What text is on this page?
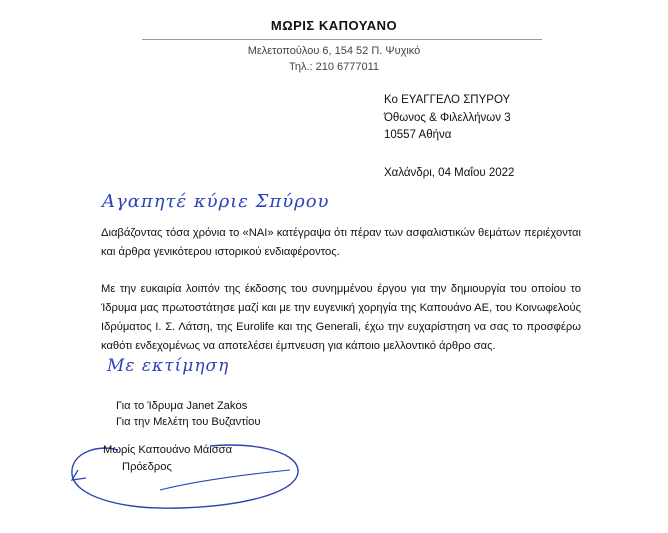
ΜΩΡΙΣ ΚΑΠΟΥΑΝΟ
Μελετοπούλου 6, 154 52 Π. Ψυχικό
Τηλ.: 210 6777011
Κο ΕΥΑΓΓΕΛΟ ΣΠΥΡΟΥ
Όθωνος & Φιλελλήνων 3
10557 Αθήνα
Χαλάνδρι, 04 Μαΐου 2022
Αγαπητέ κύριε Σπύρου
Διαβάζοντας τόσα χρόνια το «ΝΑΙ» κατέγραψα ότι πέραν των ασφαλιστικών θεμάτων περιέχονται και άρθρα γενικότερου ιστορικού ενδιαφέροντος.
Με την ευκαιρία λοιπόν της έκδοσης του συνημμένου έργου για την δημιουργία του οποίου το Ίδρυμα μας πρωτοστάτησε μαζί και με την ευγενική χορηγία της Καπουάνο ΑΕ, του Κοινωφελούς Ιδρύματος Ι. Σ. Λάτση, της Eurolife και της Generali, έχω την ευχαρίστηση να σας το προσφέρω καθότι ενδεχομένως να αποτελέσει έμπνευση για κάποιο μελλοντικό άρθρο σας.
Με εκτίμηση
Για το Ίδρυμα Janet Zakos
Για την Μελέτη του Βυζαντίου
Μωρίς Καπουάνο Μάισσα
Πρόεδρος
